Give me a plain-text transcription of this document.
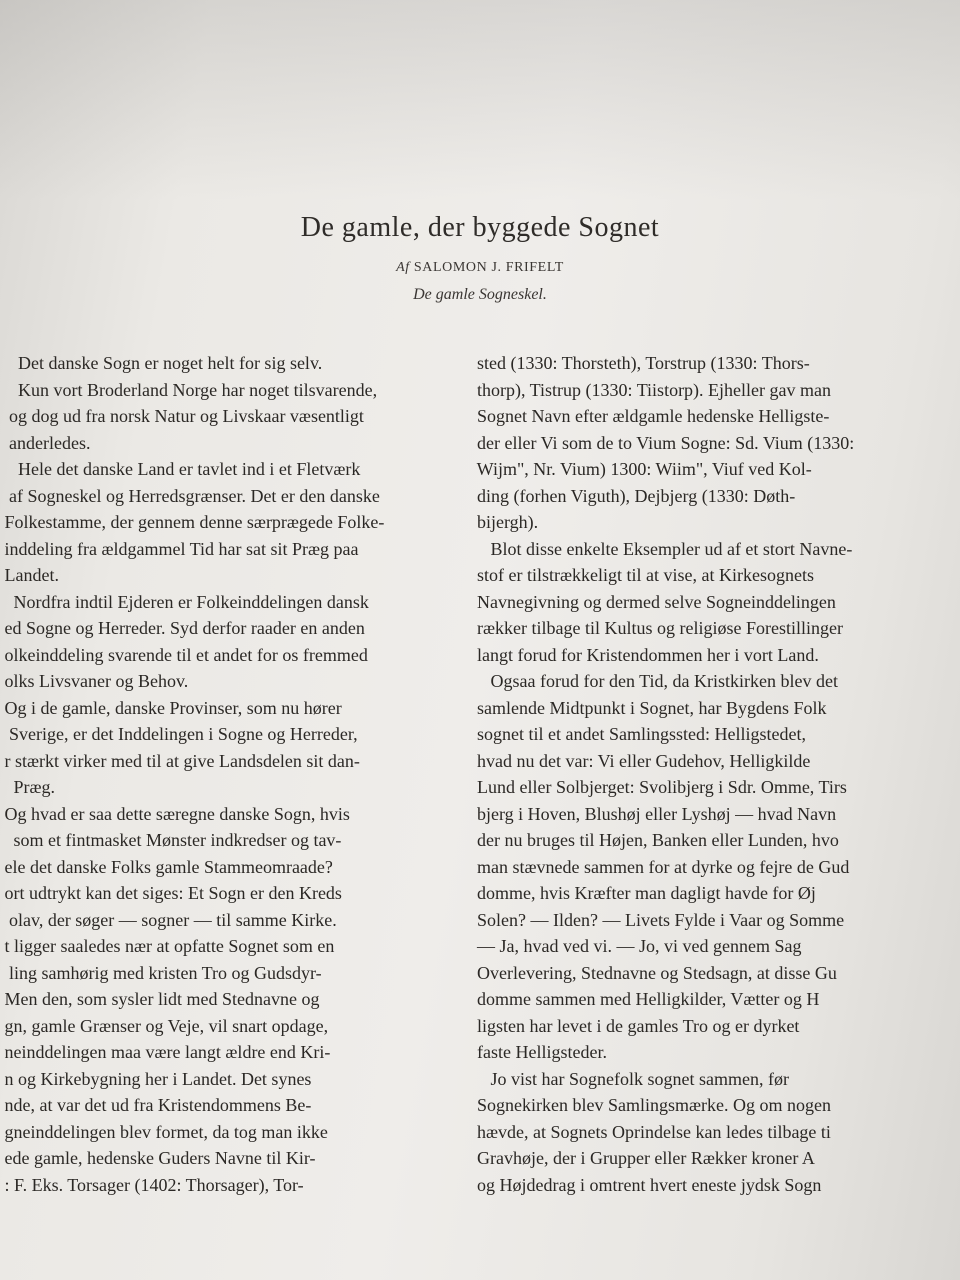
De gamle, der byggede Sognet
Af SALOMON J. FRIFELT
De gamle Sogneskel.
Det danske Sogn er noget helt for sig selv.
Kun vort Broderland Norge har noget tilsvarende,
og dog ud fra norsk Natur og Livskaar væsentligt
anderledes.
Hele det danske Land er tavlet ind i et Fletværk
af Sogneskel og Herredsgrænser. Det er den danske
Folkestamme, der gennem denne særprægede Folke-
inddeling fra ældgammel Tid har sat sit Præg paa
Landet.
Nordfra indtil Ejderen er Folkeinddelingen dansk
ed Sogne og Herreder. Syd derfor raader en anden
olkeinddeling svarende til et andet for os fremmed
olks Livsvaner og Behov.
Og i de gamle, danske Provinser, som nu hører
Sverige, er det Inddelingen i Sogne og Herreder,
r stærkt virker med til at give Landsdelen sit dan-
Præg.
Og hvad er saa dette særegne danske Sogn, hvis
som et fintmasket Mønster indkredser og tav-
ele det danske Folks gamle Stammeomraade?
ort udtrykt kan det siges: Et Sogn er den Kreds
olav, der søger — sogner — til samme Kirke.
t ligger saaledes nær at opfatte Sognet som en
ling samhørig med kristen Tro og Gudsdyr-
Men den, som sysler lidt med Stednavne og
gn, gamle Grænser og Veje, vil snart opdage,
neinddelingen maa være langt ældre end Kri-
n og Kirkebygning her i Landet. Det synes
nde, at var det ud fra Kristendommens Be-
gneinddelingen blev formet, da tog man ikke
ede gamle, hedenske Guders Navne til Kir-
: F. Eks. Torsager (1402: Thorsager), Tor-
sted (1330: Thorsteth), Torstrup (1330: Thors-
thorp), Tistrup (1330: Tiistorp). Ejheller gav man
Sognet Navn efter ældgamle hedenske Helligste-
der eller Vi som de to Vium Sogne: Sd. Vium (1330:
Wijm", Nr. Vium) 1300: Wiim", Viuf ved Kol-
ding (forhen Viguth), Dejbjerg (1330: Døth-
bijergh).
Blot disse enkelte Eksempler ud af et stort Navne-
stof er tilstrækkeligt til at vise, at Kirkesognets
Navnegivning og dermed selve Sogneinddelingen
rækker tilbage til Kultus og religiøse Forestillinger
langt forud for Kristendommen her i vort Land.
Ogsaa forud for den Tid, da Kristkirken blev det
samlende Midtpunkt i Sognet, har Bygdens Folk
sognet til et andet Samlingssted: Helligstedet,
hvad nu det var: Vi eller Gudehov, Helligkilde
Lund eller Solbjerget: Svolibjerg i Sdr. Omme, Tirs
bjerg i Hoven, Blushøj eller Lyshøj — hvad Navn
der nu bruges til Højen, Banken eller Lunden, hvo
man stævnede sammen for at dyrke og fejre de Gud
domme, hvis Kræfter man dagligt havde for Øj
Solen? — Ilden? — Livets Fylde i Vaar og Somme
— Ja, hvad ved vi. — Jo, vi ved gennem Sag
Overlevering, Stednavne og Stedsagn, at disse Gu
domme sammen med Helligkilder, Vætter og H
ligsten har levet i de gamles Tro og er dyrket
faste Helligsteder.
Jo vist har Sognefolk sognet sammen, før
Sognekirken blev Samlingsmærke. Og om nogen
hævde, at Sognets Oprindelse kan ledes tilbage ti
Gravhøje, der i Grupper eller Rækker kroner A
og Højdedrag i omtrent hvert eneste jydsk Sogn
